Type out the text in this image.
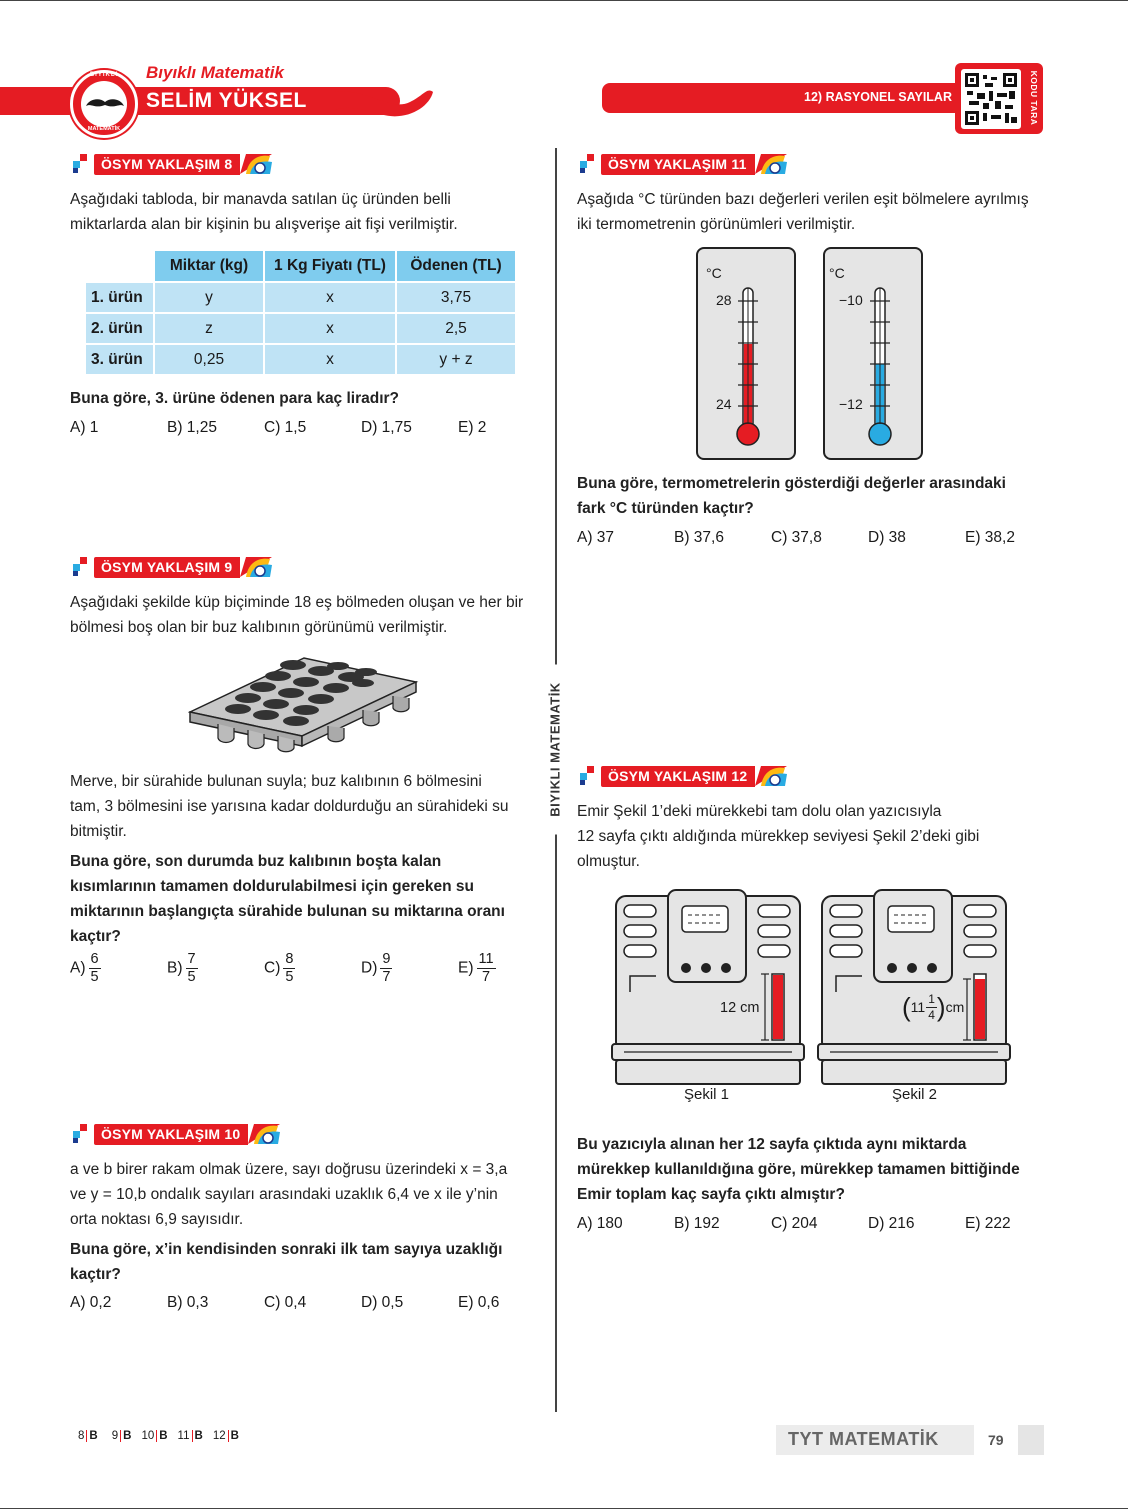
BIYIKLI
MATEMATİK
Bıyıklı Matematik
SELİM YÜKSEL	12) RASYONEL SAYILAR	KODU TARA
BIYIKLI MATEMATİK
ÖSYM YAKLAŞIM 8
Aşağıdaki tabloda, bir manavda satılan üç üründen belli
miktarlarda alan bir kişinin bu alışverişe ait fişi verilmiştir.
	Miktar (kg)	1 Kg Fiyatı (TL)	Ödenen (TL)
1. ürün	y	x	3,75
2. ürün	z	x	2,5
3. ürün	0,25	x	y + z
Buna göre, 3. ürüne ödenen para kaç liradır?
A) 1	B) 1,25	C) 1,5	D) 1,75	E) 2
ÖSYM YAKLAŞIM 9
Aşağıdaki şekilde küp biçiminde 18 eş bölmeden oluşan ve her bir
bölmesi boş olan bir buz kalıbının görünümü verilmiştir.
Merve, bir sürahide bulunan suyla; buz kalıbının 6 bölmesini
tam, 3 bölmesini ise yarısına kadar doldurduğu an sürahideki su
bitmiştir.
Buna göre, son durumda buz kalıbının boşta kalan
kısımlarının tamamen doldurulabilmesi için gereken su
miktarının başlangıçta sürahide bulunan su miktarına oranı
kaçtır?
$A) \frac{6}{5}$	$B) \frac{7}{5}$	$C) \frac{8}{5}$	$D) \frac{9}{7}$	$E) \frac{11}{7}$
ÖSYM YAKLAŞIM 10
a ve b birer rakam olmak üzere, sayı doğrusu üzerindeki x = 3,a
ve y = 10,b ondalık sayıları arasındaki uzaklık 6,4 ve x ile y’nin
orta noktası 6,9 sayısıdır.
Buna göre, x’in kendisinden sonraki ilk tam sayıya uzaklığı
kaçtır?
A) 0,2	B) 0,3	C) 0,4	D) 0,5	E) 0,6
ÖSYM YAKLAŞIM 11
Aşağıda °C türünden bazı değerleri verilen eşit bölmelere ayrılmış
iki termometrenin görünümleri verilmiştir.
°C
28
24
°C
−10
−12
Buna göre, termometrelerin gösterdiği değerler arasındaki
fark °C türünden kaçtır?
A) 37	B) 37,6	C) 37,8	D) 38	E) 38,2
ÖSYM YAKLAŞIM 12
Emir Şekil 1’deki mürekkebi tam dolu olan yazıcısıyla
12 sayfa çıktı aldığında mürekkep seviyesi Şekil 2’deki gibi
olmuştur.
12 cm
Şekil 1
( $11 \frac{1}{4}$ ) cm
Şekil 2
Bu yazıcıyla alınan her 12 sayfa çıktıda aynı miktarda
mürekkep kullanıldığına göre, mürekkep tamamen bittiğinde
Emir toplam kaç sayfa çıktı almıştır?
A) 180	B) 192	C) 204	D) 216	E) 222
8 B 9 B 10 B 11 B 12 B	TYT MATEMATİK	79
